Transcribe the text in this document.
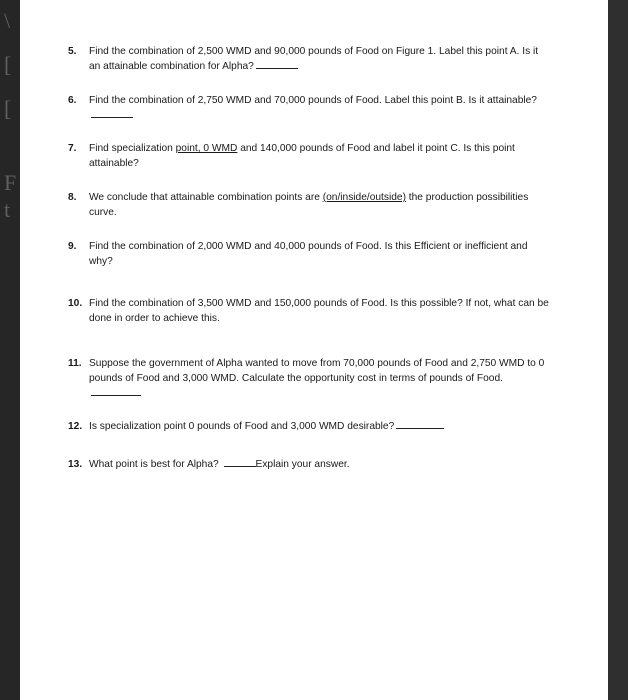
\
[
[
F
t
5.	Find the combination of 2,500 WMD and 90,000 pounds of Food on Figure 1. Label this point A. Is it an attainable combination for Alpha?
6.	Find the combination of 2,750 WMD and 70,000 pounds of Food. Label this point B. Is it attainable?
7.	Find specialization point, 0 WMD and 140,000 pounds of Food and label it point C. Is this point attainable?
8.	We conclude that attainable combination points are (on/inside/outside) the production possibilities curve.
9.	Find the combination of 2,000 WMD and 40,000 pounds of Food. Is this Efficient or inefficient and why?
10. Find the combination of 3,500 WMD and 150,000 pounds of Food. Is this possible? If not, what can be done in order to achieve this.
11. Suppose the government of Alpha wanted to move from 70,000 pounds of Food and 2,750 WMD to 0 pounds of Food and 3,000 WMD. Calculate the opportunity cost in terms of pounds of Food.
12. Is specialization point 0 pounds of Food and 3,000 WMD desirable?
13. What point is best for Alpha?	Explain your answer.
